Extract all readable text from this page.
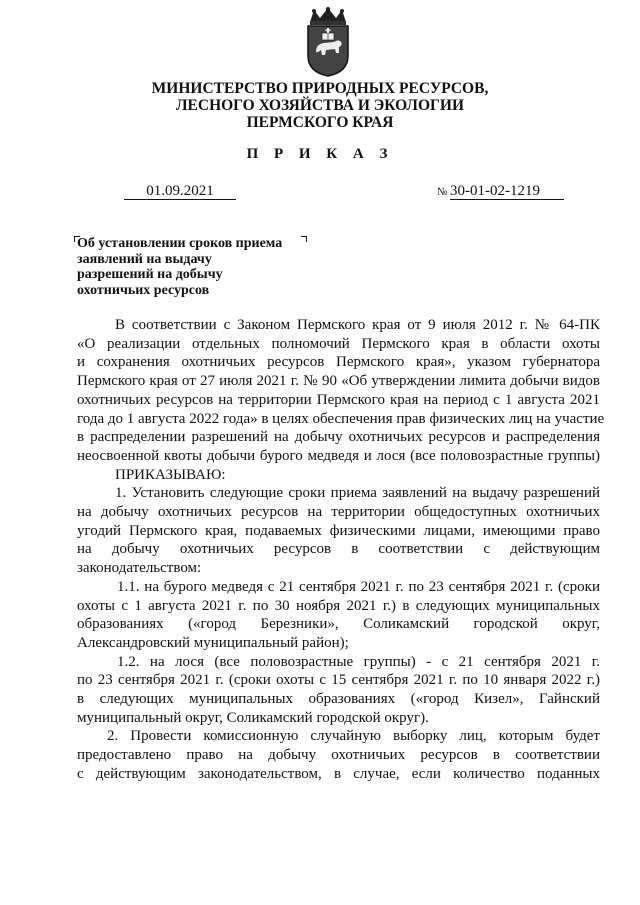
МИНИСТЕРСТВО ПРИРОДНЫХ РЕСУРСОВ,
ЛЕСНОГО ХОЗЯЙСТВА И ЭКОЛОГИИ
ПЕРМСКОГО КРАЯ
П Р И К А З
01.09.2021	№ 30-01-02-1219
Об установлении сроков приема
заявлений на выдачу
разрешений на добычу
охотничьих ресурсов

В соответствии с Законом Пермского края от 9 июля 2012 г. № 64-ПК
«О реализации отдельных полномочий Пермского края в области охоты
и сохранения охотничьих ресурсов Пермского края», указом губернатора
Пермского края от 27 июля 2021 г. № 90 «Об утверждении лимита добычи видов
охотничьих ресурсов на территории Пермского края на период с 1 августа 2021
года до 1 августа 2022 года» в целях обеспечения прав физических лиц на участие
в распределении разрешений на добычу охотничьих ресурсов и распределения
неосвоенной квоты добычи бурого медведя и лося (все половозрастные группы)

ПРИКАЗЫВАЮ:

1. Установить следующие сроки приема заявлений на выдачу разрешений
на добычу охотничьих ресурсов на территории общедоступных охотничьих
угодий Пермского края, подаваемых физическими лицами, имеющими право
на добычу охотничьих ресурсов в соответствии с действующим
законодательством:

1.1. на бурого медведя с 21 сентября 2021 г. по 23 сентября 2021 г. (сроки
охоты с 1 августа 2021 г. по 30 ноября 2021 г.) в следующих муниципальных
образованиях («город Березники», Соликамский городской округ,
Александровский муниципальный район);

1.2. на лося (все половозрастные группы) - с 21 сентября 2021 г.
по 23 сентября 2021 г. (сроки охоты с 15 сентября 2021 г. по 10 января 2022 г.)
в следующих муниципальных образованиях («город Кизел», Гайнский
муниципальный округ, Соликамский городской округ).

2. Провести комиссионную случайную выборку лиц, которым будет
предоставлено право на добычу охотничьих ресурсов в соответствии
с действующим законодательством, в случае, если количество поданных
